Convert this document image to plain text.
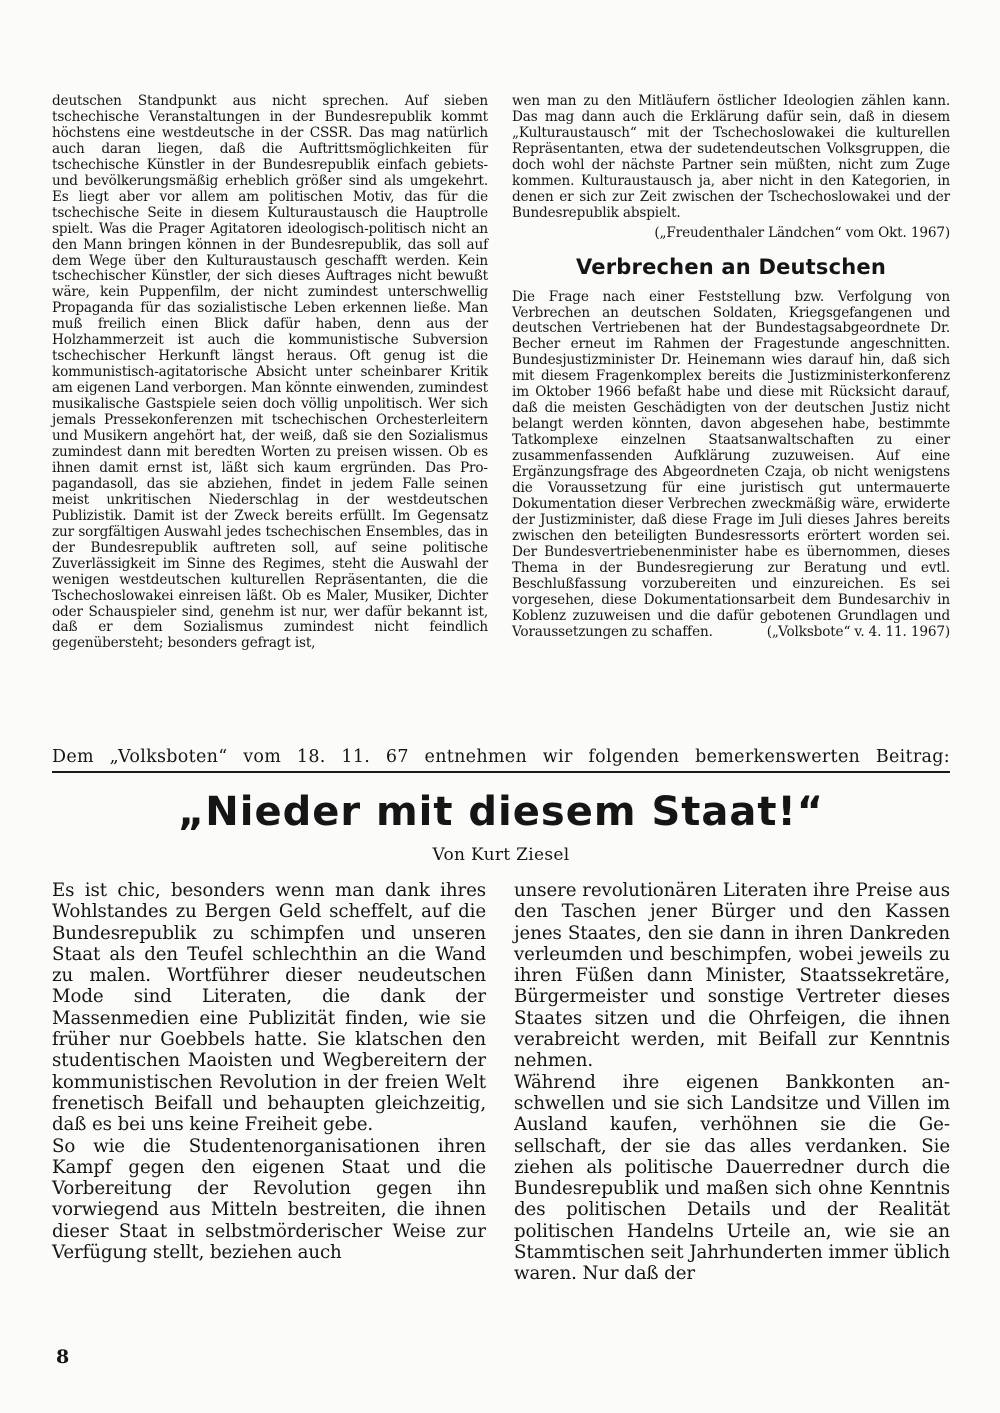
deutschen Standpunkt aus nicht sprechen. Auf sieben tschechische Veranstaltungen in der Bundesrepublik kommt höchstens eine westdeutsche in der CSSR. Das mag natürlich auch daran liegen, daß die Auftrittsmöglichkeiten für tschechische Künstler in der Bundesrepublik einfach gebiets- und bevölkerungsmäßig erheblich größer sind als umgekehrt. Es liegt aber vor allem am politischen Motiv, das für die tschechische Seite in diesem Kulturaustausch die Hauptrolle spielt. Was die Prager Agitatoren ideologisch-politisch nicht an den Mann bringen können in der Bundesrepublik, das soll auf dem Wege über den Kulturaustausch geschafft werden. Kein tschechischer Künstler, der sich dieses Auftrages nicht bewußt wäre, kein Puppenfilm, der nicht zumindest unterschwellig Propaganda für das sozialistische Leben erkennen ließe. Man muß freilich einen Blick dafür haben, denn aus der Holzhammerzeit ist auch die kommunistische Subversion tschechischer Herkunft längst heraus. Oft genug ist die kommunistisch-agitatorische Absicht unter scheinbarer Kritik am eigenen Land verborgen. Man könnte einwenden, zumindest musikalische Gastspiele seien doch völlig unpolitisch. Wer sich jemals Pressekonferenzen mit tschechischen Orchesterleitern und Musikern angehört hat, der weiß, daß sie den Sozialismus zumindest dann mit beredten Worten zu preisen wissen. Ob es ihnen damit ernst ist, läßt sich kaum ergründen. Das Propagandasoll, das sie abziehen, findet in jedem Falle seinen meist unkritischen Niederschlag in der westdeutschen Publizistik. Damit ist der Zweck bereits erfüllt. Im Gegensatz zur sorgfältigen Auswahl jedes tschechischen Ensembles, das in der Bundesrepublik auftreten soll, auf seine politische Zuverlässigkeit im Sinne des Regimes, steht die Auswahl der wenigen westdeutschen kulturellen Repräsentanten, die die Tschechoslowakei einreisen läßt. Ob es Maler, Musiker, Dichter oder Schauspieler sind, genehm ist nur, wer dafür bekannt ist, daß er dem Sozialismus zumindest nicht feindlich gegenübersteht; besonders gefragt ist,

wen man zu den Mitläufern östlicher Ideologien zählen kann. Das mag dann auch die Erklärung dafür sein, daß in diesem „Kulturaustausch“ mit der Tschechoslowakei die kulturellen Repräsentanten, etwa der sudetendeutschen Volksgruppen, die doch wohl der nächste Partner sein müßten, nicht zum Zuge kommen. Kulturaustausch ja, aber nicht in den Kategorien, in denen er sich zur Zeit zwischen der Tschechoslowakei und der Bundesrepublik abspielt.

(„Freudenthaler Ländchen“ vom Okt. 1967)

Verbrechen an Deutschen

Die Frage nach einer Feststellung bzw. Verfolgung von Verbrechen an deutschen Soldaten, Kriegsgefangenen und deutschen Vertriebenen hat der Bundestagsabgeordnete Dr. Becher erneut im Rahmen der Fragestunde angeschnitten. Bundesjustizminister Dr. Heinemann wies darauf hin, daß sich mit diesem Fragenkomplex bereits die Justizministerkonferenz im Oktober 1966 befaßt habe und diese mit Rücksicht darauf, daß die meisten Geschädigten von der deutschen Justiz nicht belangt werden könnten, davon abgesehen habe, bestimmte Tatkomplexe einzelnen Staatsanwaltschaften zu einer zusammenfassenden Aufklärung zuzuweisen. Auf eine Ergänzungsfrage des Abgeordneten Czaja, ob nicht wenigstens die Voraussetzung für eine juristisch gut untermauerte Dokumentation dieser Verbrechen zweckmäßig wäre, erwiderte der Justizminister, daß diese Frage im Juli dieses Jahres bereits zwischen den beteiligten Bundesressorts erörtert worden sei. Der Bundesvertriebenenminister habe es übernommen, dieses Thema in der Bundesregierung zur Beratung und evtl. Beschlußfassung vorzubereiten und einzureichen. Es sei vorgesehen, diese Dokumentationsarbeit dem Bundesarchiv in Koblenz zuzuweisen und die dafür gebotenen Grundlagen und Voraussetzungen zu schaffen.	(„Volksbote“ v. 4. 11. 1967)

Dem „Volksboten“ vom 18. 11. 67 entnehmen wir folgenden bemerkenswerten Beitrag:
„Nieder mit diesem Staat!“
Von Kurt Ziesel

Es ist chic, besonders wenn man dank ihres Wohlstandes zu Bergen Geld scheffelt, auf die Bundesrepublik zu schimpfen und unseren Staat als den Teufel schlechthin an die Wand zu malen. Wortführer dieser neudeutschen Mode sind Literaten, die dank der Massenmedien eine Publizität finden, wie sie früher nur Goebbels hatte. Sie klatschen den studentischen Maoisten und Wegbereitern der kommunistischen Revolution in der freien Welt frenetisch Beifall und behaupten gleichzeitig, daß es bei uns keine Freiheit gebe.

So wie die Studentenorganisationen ihren Kampf gegen den eigenen Staat und die Vorbereitung der Revolution gegen ihn vorwiegend aus Mitteln bestreiten, die ihnen dieser Staat in selbstmörderischer Weise zur Verfügung stellt, beziehen auch

unsere revolutionären Literaten ihre Preise aus den Taschen jener Bürger und den Kassen jenes Staates, den sie dann in ihren Dankreden verleumden und beschimpfen, wobei jeweils zu ihren Füßen dann Minister, Staatssekretäre, Bürgermeister und sonstige Vertreter dieses Staates sitzen und die Ohrfeigen, die ihnen verabreicht werden, mit Beifall zur Kenntnis nehmen.

Während ihre eigenen Bankkonten anschwellen und sie sich Landsitze und Villen im Ausland kaufen, verhöhnen sie die Gesellschaft, der sie das alles verdanken. Sie ziehen als politische Dauerredner durch die Bundesrepublik und maßen sich ohne Kenntnis des politischen Details und der Realität politischen Handelns Urteile an, wie sie an Stammtischen seit Jahrhunderten immer üblich waren. Nur daß der

8
